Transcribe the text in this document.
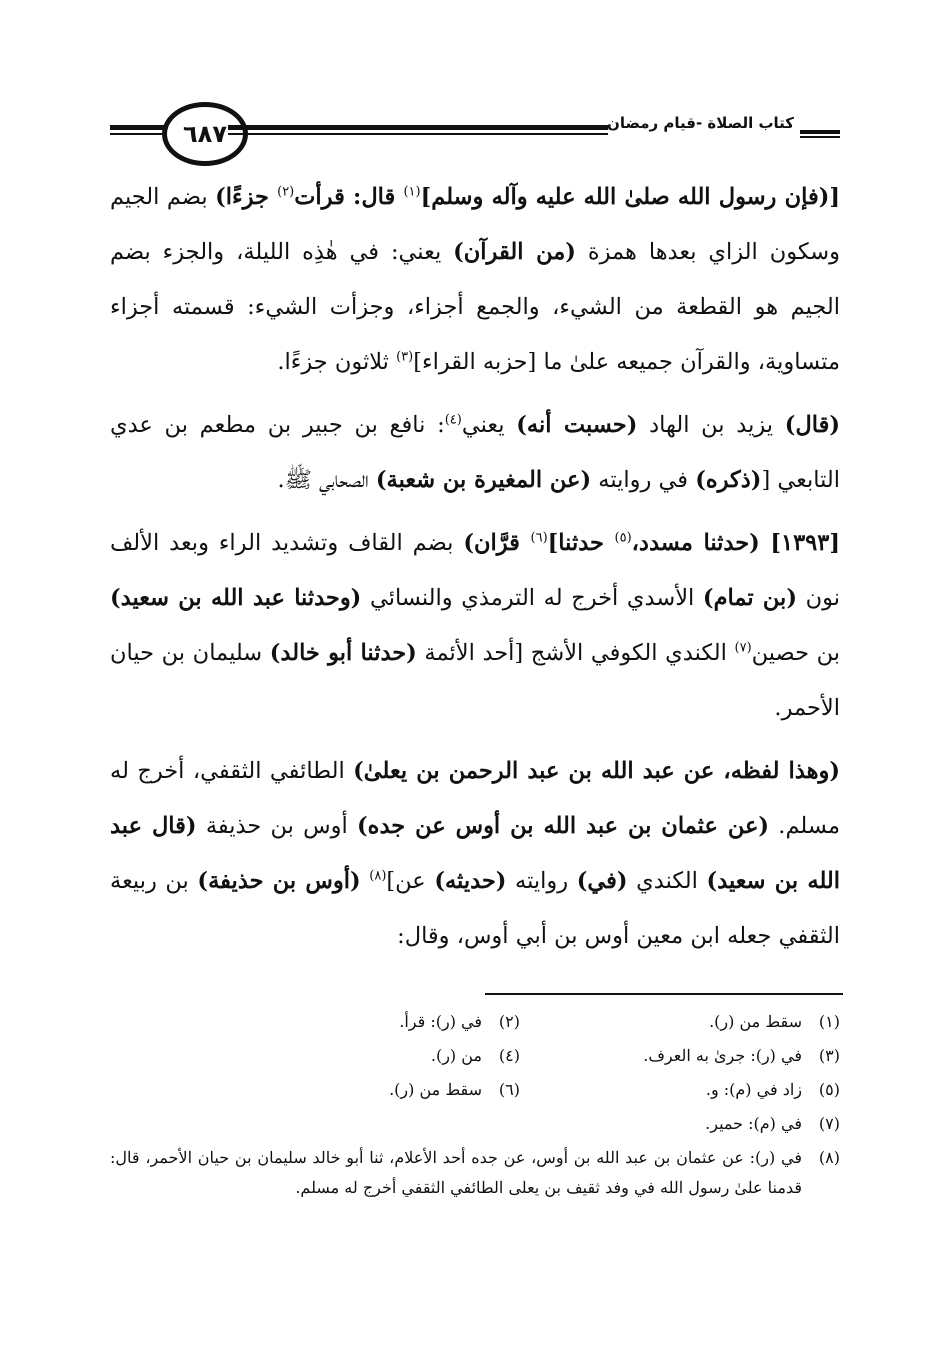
٦٨٧	كتاب الصلاة -قيام رمضان

[(فإن رسول الله صلىٰ الله عليه وآله وسلم]$^{(١)}$ قال: قرأت$^{(٢)}$ جزءًا) بضم الجيم وسكون الزاي بعدها همزة (من القرآن) يعني: في هٰذِه الليلة، والجزء بضم الجيم هو القطعة من الشيء، والجمع أجزاء، وجزأت الشيء: قسمته أجزاء متساوية، والقرآن جميعه علىٰ ما [حزبه القراء]$^{(٣)}$ ثلاثون جزءًا.

(قال) يزيد بن الهاد (حسبت أنه) يعني$^{(٤)}$: نافع بن جبير بن مطعم بن عدي التابعي [(ذكره) في روايته (عن المغيرة بن شعبة) الصحابي ﷺ.

[١٣٩٣] (حدثنا مسدد،$^{(٥)}$ حدثنا]$^{(٦)}$ قرَّان) بضم القاف وتشديد الراء وبعد الألف نون (بن تمام) الأسدي أخرج له الترمذي والنسائي (وحدثنا عبد الله بن سعيد) بن حصين$^{(٧)}$ الكندي الكوفي الأشج [أحد الأئمة (حدثنا أبو خالد) سليمان بن حيان الأحمر.

(وهذا لفظه، عن عبد الله بن عبد الرحمن بن يعلىٰ) الطائفي الثقفي، أخرج له مسلم. (عن عثمان بن عبد الله بن أوس عن جده) أوس بن حذيفة (قال عبد الله بن سعيد) الكندي (في) روايته (حديثه) عن]$^{(٨)}$ (أوس بن حذيفة) بن ربيعة الثقفي جعله ابن معين أوس بن أبي أوس، وقال:

(١)سقط من (ر).
(٢)في (ر): قرأ.
(٣)في (ر): جرىٰ به العرف.
(٤)من (ر).
(٥)زاد في (م): و.
(٦)سقط من (ر).
(٧)في (م): حمير.
(٨)
في (ر): عن عثمان بن عبد الله بن أوس، عن جده أحد الأعلام، ثنا أبو خالد سليمان بن حيان الأحمر، قال: قدمنا علىٰ رسول الله في وفد ثقيف بن يعلى الطائفي الثقفي أخرج له مسلم.
